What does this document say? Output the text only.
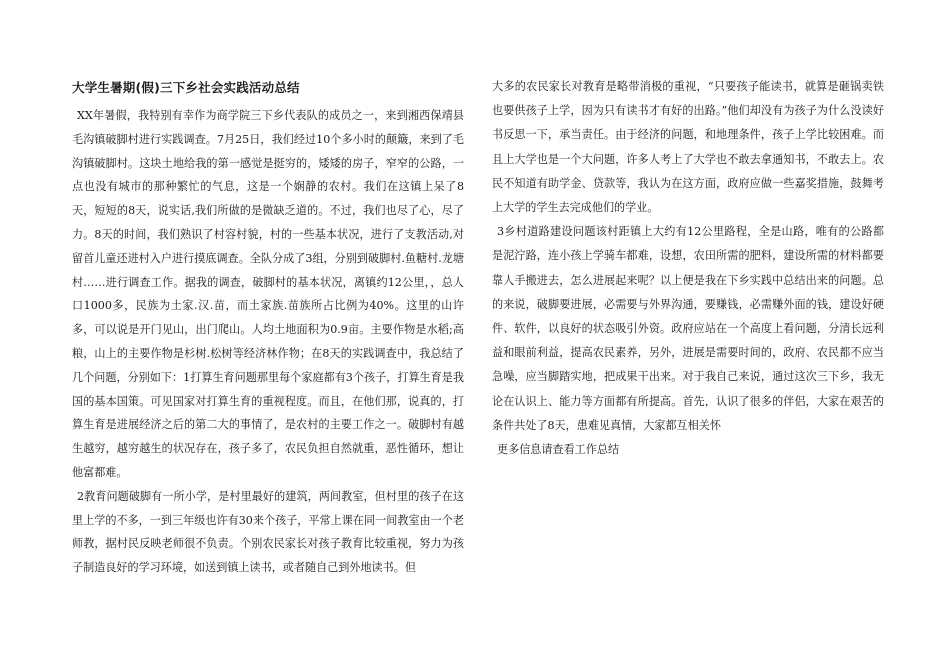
大学生暑期(假)三下乡社会实践活动总结

XX年暑假，我特别有幸作为商学院三下乡代表队的成员之一，来到湘西保靖县毛沟镇破脚村进行实践调查。7月25日，我们经过10个多小时的颠簸，来到了毛沟镇破脚村。这块土地给我的第一感觉是挺穷的，矮矮的房子，窄窄的公路，一点也没有城市的那种繁忙的气息，这是一个娴静的农村。我们在这镇上呆了8天，短短的8天，说实话,我们所做的是微缺乏道的。不过，我们也尽了心，尽了力。8天的时间，我们熟识了村容村貌，村的一些基本状况，进行了支教活动,对留首儿童还进村入户进行摸底调查。全队分成了3组，分别到破脚村.鱼糖村.龙塘村……进行调查工作。据我的调查，破脚村的基本状况，离镇约12公里，，总人口1000多，民族为土家.汉.苗，而土家族.苗族所占比例为40%。这里的山许多，可以说是开门见山，出门爬山。人均土地面积为0.9亩。主要作物是水稻;高粮，山上的主要作物是杉树.松树等经济林作物；在8天的实践调查中，我总结了几个问题，分别如下：1打算生育问题那里每个家庭都有3个孩子，打算生育是我国的基本国策。可见国家对打算生育的重视程度。而且，在他们那，说真的，打算生育是进展经济之后的第二大的事情了，是农村的主要工作之一。破脚村有越生越穷，越穷越生的状况存在，孩子多了，农民负担自然就重，恶性循环，想让他富都难。

2教育问题破脚有一所小学，是村里最好的建筑，两间教室，但村里的孩子在这里上学的不多，一到三年级也许有30来个孩子，平常上课在同一间教室由一个老师教，据村民反映老师很不负责。个别农民家长对孩子教育比较重视，努力为孩子制造良好的学习环境，如送到镇上读书，或者随自己到外地读书。但

大多的农民家长对教育是略带消极的重视，“只要孩子能读书，就算是砸锅卖铁也要供孩子上学，因为只有读书才有好的出路。”他们却没有为孩子为什么没读好书反思一下，承当责任。由于经济的问题，和地理条件，孩子上学比较困难。而且上大学也是一个大问题，许多人考上了大学也不敢去拿通知书，不敢去上。农民不知道有助学金、贷款等，我认为在这方面，政府应做一些嘉奖措施，鼓舞考上大学的学生去完成他们的学业。

3乡村道路建设问题该村距镇上大约有12公里路程，全是山路，唯有的公路都是泥泞路，连小孩上学骑车都难，设想，农田所需的肥料，建设所需的材料都要靠人手搬进去，怎么进展起来呢？以上便是我在下乡实践中总结出来的问题。总的来说，破脚要进展，必需要与外界沟通，要赚钱，必需赚外面的钱，建设好硬件、软件，以良好的状态吸引外资。政府应站在一个高度上看问题，分清长远利益和眼前利益，提高农民素养，另外，进展是需要时间的，政府、农民都不应当急噪，应当脚踏实地，把成果干出来。对于我自己来说，通过这次三下乡，我无论在认识上、能力等方面都有所提高。首先，认识了很多的伴侣，大家在艰苦的条件共处了8天，患难见真情，大家都互相关怀

更多信息请查看工作总结
